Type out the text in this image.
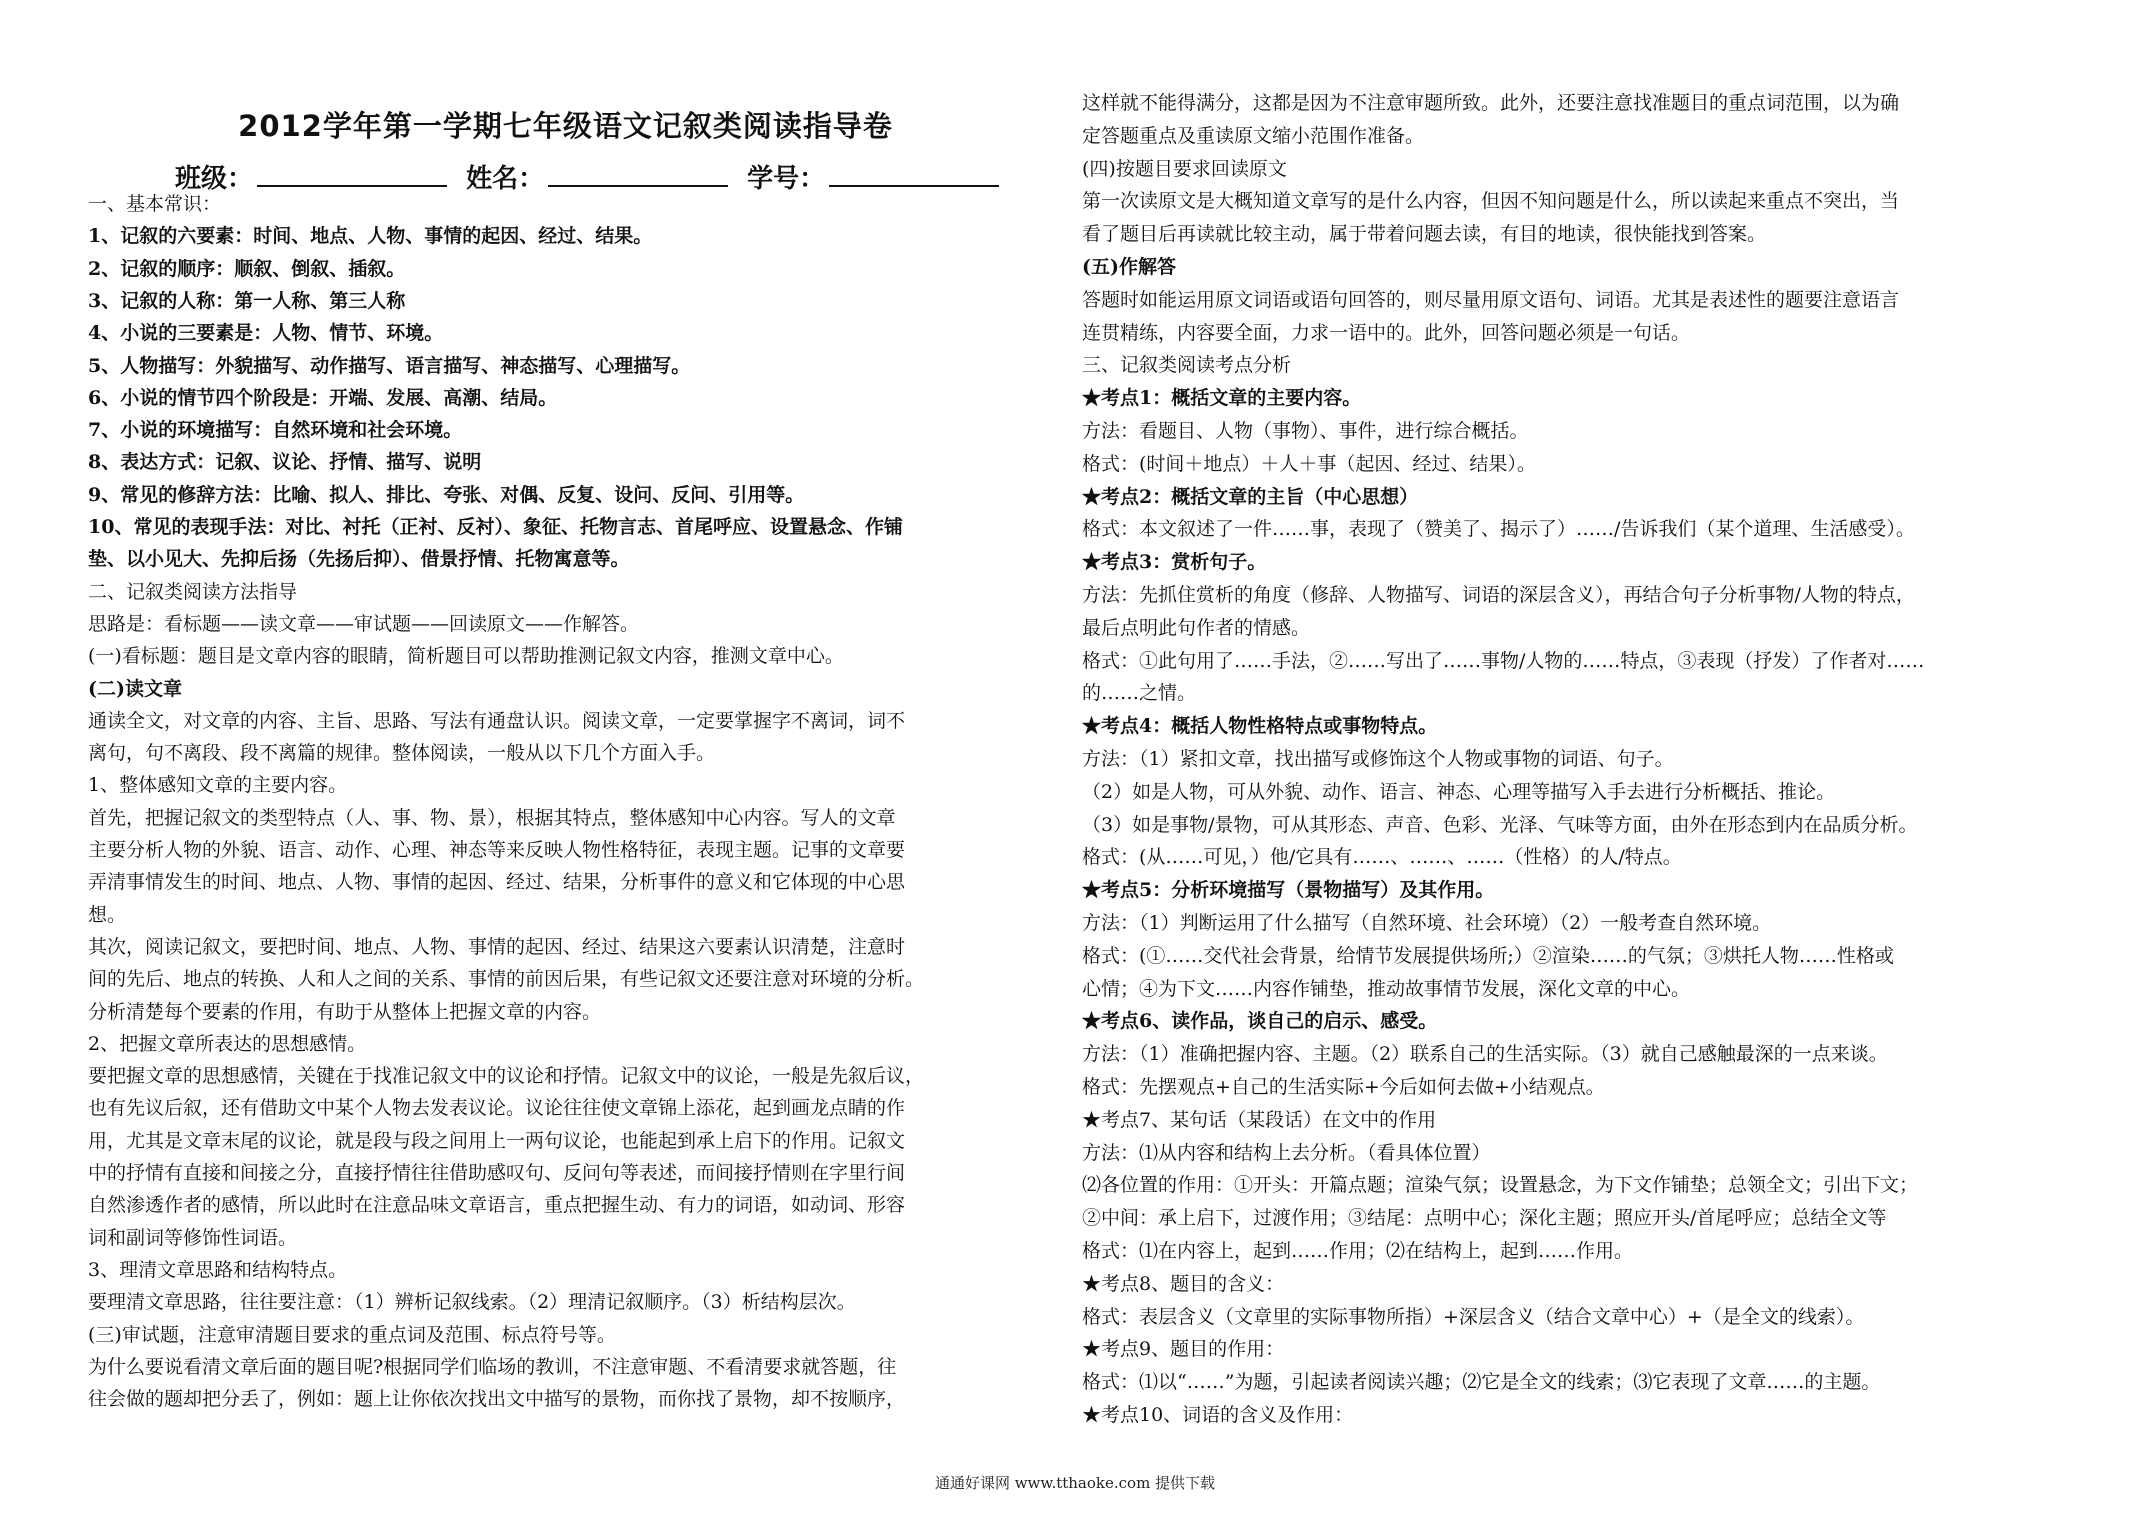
2012学年第一学期七年级语文记叙类阅读指导卷
班级：	姓名：	学号：
一、基本常识：
1、记叙的六要素：时间、地点、人物、事情的起因、经过、结果。
2、记叙的顺序：顺叙、倒叙、插叙。
3、记叙的人称：第一人称、第三人称
4、小说的三要素是：人物、情节、环境。
5、人物描写：外貌描写、动作描写、语言描写、神态描写、心理描写。
6、小说的情节四个阶段是：开端、发展、高潮、结局。
7、小说的环境描写：自然环境和社会环境。
8、表达方式：记叙、议论、抒情、描写、说明
9、常见的修辞方法：比喻、拟人、排比、夸张、对偶、反复、设问、反问、引用等。
10、常见的表现手法：对比、衬托（正衬、反衬）、象征、托物言志、首尾呼应、设置悬念、作铺
垫、以小见大、先抑后扬（先扬后抑）、借景抒情、托物寓意等。
二、记叙类阅读方法指导
思路是：看标题——读文章——审试题——回读原文——作解答。
(一)看标题：题目是文章内容的眼睛，简析题目可以帮助推测记叙文内容，推测文章中心。
(二)读文章
通读全文，对文章的内容、主旨、思路、写法有通盘认识。阅读文章，一定要掌握字不离词，词不
离句，句不离段、段不离篇的规律。整体阅读，一般从以下几个方面入手。
1、整体感知文章的主要内容。
首先，把握记叙文的类型特点（人、事、物、景），根据其特点，整体感知中心内容。写人的文章
主要分析人物的外貌、语言、动作、心理、神态等来反映人物性格特征，表现主题。记事的文章要
弄清事情发生的时间、地点、人物、事情的起因、经过、结果，分析事件的意义和它体现的中心思
想。
其次，阅读记叙文，要把时间、地点、人物、事情的起因、经过、结果这六要素认识清楚，注意时
间的先后、地点的转换、人和人之间的关系、事情的前因后果，有些记叙文还要注意对环境的分析。
分析清楚每个要素的作用，有助于从整体上把握文章的内容。
2、把握文章所表达的思想感情。
要把握文章的思想感情，关键在于找准记叙文中的议论和抒情。记叙文中的议论，一般是先叙后议，
也有先议后叙，还有借助文中某个人物去发表议论。议论往往使文章锦上添花，起到画龙点睛的作
用，尤其是文章末尾的议论，就是段与段之间用上一两句议论，也能起到承上启下的作用。记叙文
中的抒情有直接和间接之分，直接抒情往往借助感叹句、反问句等表述，而间接抒情则在字里行间
自然渗透作者的感情，所以此时在注意品味文章语言，重点把握生动、有力的词语，如动词、形容
词和副词等修饰性词语。
3、理清文章思路和结构特点。
要理清文章思路，往往要注意：（1）辨析记叙线索。（2）理清记叙顺序。（3）析结构层次。
(三)审试题，注意审清题目要求的重点词及范围、标点符号等。
为什么要说看清文章后面的题目呢?根据同学们临场的教训，不注意审题、不看清要求就答题，往
往会做的题却把分丢了，例如：题上让你依次找出文中描写的景物，而你找了景物，却不按顺序，
这样就不能得满分，这都是因为不注意审题所致。此外，还要注意找准题目的重点词范围，以为确
定答题重点及重读原文缩小范围作准备。
(四)按题目要求回读原文
第一次读原文是大概知道文章写的是什么内容，但因不知问题是什么，所以读起来重点不突出，当
看了题目后再读就比较主动，属于带着问题去读，有目的地读，很快能找到答案。
(五)作解答
答题时如能运用原文词语或语句回答的，则尽量用原文语句、词语。尤其是表述性的题要注意语言
连贯精练，内容要全面，力求一语中的。此外，回答问题必须是一句话。
三、记叙类阅读考点分析
★考点1：概括文章的主要内容。
方法：看题目、人物（事物）、事件，进行综合概括。
格式：(时间＋地点）＋人＋事（起因、经过、结果）。
★考点2：概括文章的主旨（中心思想）
格式：本文叙述了一件……事，表现了（赞美了、揭示了）……/告诉我们（某个道理、生活感受）。
★考点3：赏析句子。
方法：先抓住赏析的角度（修辞、人物描写、词语的深层含义），再结合句子分析事物/人物的特点，
最后点明此句作者的情感。
格式：①此句用了……手法，②……写出了……事物/人物的……特点，③表现（抒发）了作者对……
的……之情。
★考点4：概括人物性格特点或事物特点。
方法：（1）紧扣文章，找出描写或修饰这个人物或事物的词语、句子。
（2）如是人物，可从外貌、动作、语言、神态、心理等描写入手去进行分析概括、推论。
（3）如是事物/景物，可从其形态、声音、色彩、光泽、气味等方面，由外在形态到内在品质分析。
格式：(从……可见，）他/它具有……、……、……（性格）的人/特点。
★考点5：分析环境描写（景物描写）及其作用。
方法：（1）判断运用了什么描写（自然环境、社会环境）（2）一般考查自然环境。
格式：(①……交代社会背景，给情节发展提供场所;）②渲染……的气氛；③烘托人物……性格或
心情；④为下文……内容作铺垫，推动故事情节发展，深化文章的中心。
★考点6、读作品，谈自己的启示、感受。
方法：（1）准确把握内容、主题。（2）联系自己的生活实际。（3）就自己感触最深的一点来谈。
格式：先摆观点+自己的生活实际+今后如何去做+小结观点。
★考点7、某句话（某段话）在文中的作用
方法：⑴从内容和结构上去分析。（看具体位置）
⑵各位置的作用：①开头：开篇点题；渲染气氛；设置悬念，为下文作铺垫；总领全文；引出下文；
②中间：承上启下，过渡作用；③结尾：点明中心；深化主题；照应开头/首尾呼应；总结全文等
格式：⑴在内容上，起到……作用；⑵在结构上，起到……作用。
★考点8、题目的含义：
格式：表层含义（文章里的实际事物所指）+深层含义（结合文章中心）+（是全文的线索）。
★考点9、题目的作用：
格式：⑴以“……”为题，引起读者阅读兴趣；⑵它是全文的线索；⑶它表现了文章……的主题。
★考点10、词语的含义及作用：
通通好课网 www.tthaoke.com 提供下载
